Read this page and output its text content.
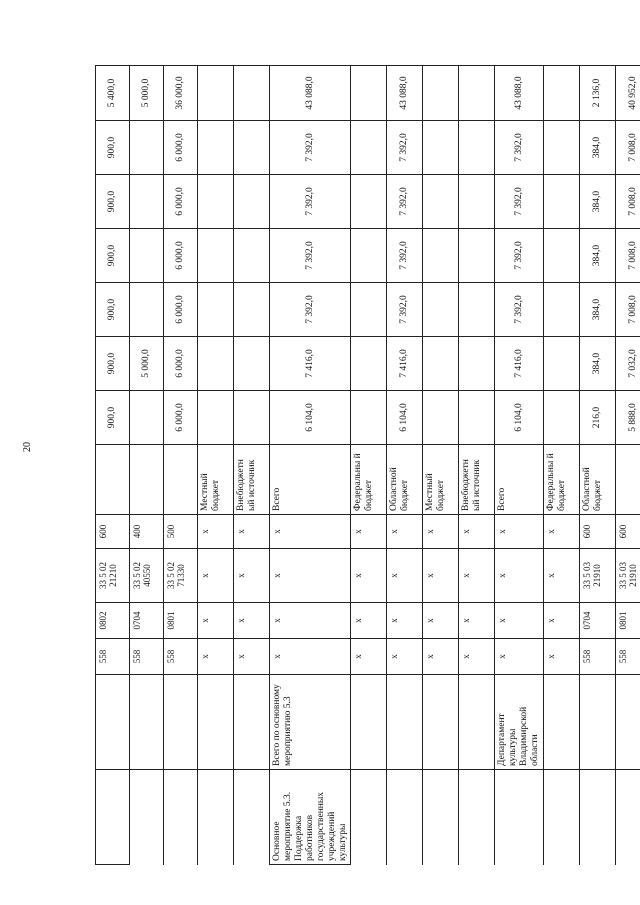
20
		558	0802	33 5 02 21210	600		900,0	900,0	900,0	900,0	900,0	900,0	5 400,0
		558	0704	33 5 02 40550	400			5 000,0					5 000,0
		558	0801	33 5 02 71330	500		6 000,0	6 000,0	6 000,0	6 000,0	6 000,0	6 000,0	36 000,0
		x	x	x	x	Местный бюджет							
		x	x	x	x	Внебюджетн ый источник							
Основное мероприятие 5.3. Поддержка работников государственных учреждений культуры	Всего по основному мероприятию 5.3	x	x	x	x	Всего	6 104,0	7 416,0	7 392,0	7 392,0	7 392,0	7 392,0	43 088,0
		x	x	x	x	Федеральны й бюджет							
		x	x	x	x	Областной бюджет	6 104,0	7 416,0	7 392,0	7 392,0	7 392,0	7 392,0	43 088,0
		x	x	x	x	Местный бюджет							
		x	x	x	x	Внебюджетн ый источник							
	Департамент культуры Владимирской области	x	x	x	x	Всего	6 104,0	7 416,0	7 392,0	7 392,0	7 392,0	7 392,0	43 088,0
		x	x	x	x	Федеральны й бюджет							
		558	0704	33 5 03 21910	600	Областной бюджет	216,0	384,0	384,0	384,0	384,0	384,0	2 136,0
		558	0801	33 5 03 21910	600		5 888,0	7 032,0	7 008,0	7 008,0	7 008,0	7 008,0	40 952,0
